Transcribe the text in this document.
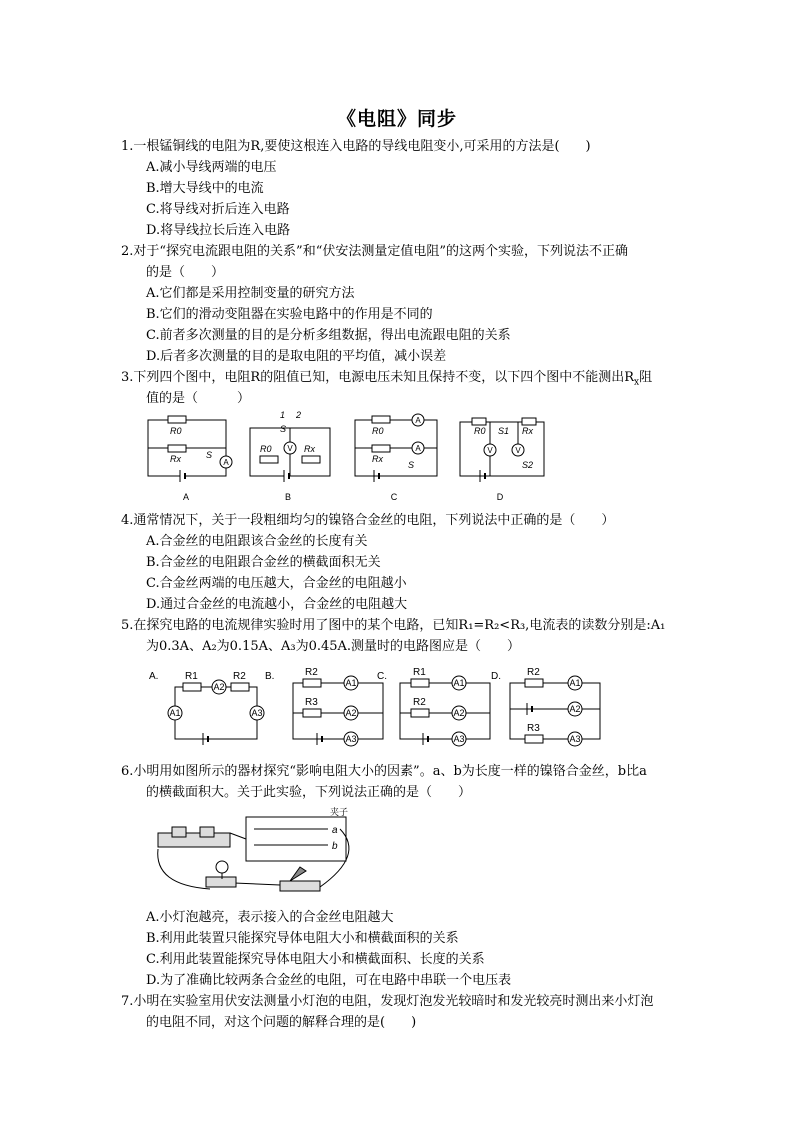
《电阻》同步
1.一根锰铜线的电阻为R,要使这根连入电路的导线电阻变小,可采用的方法是(　　)
A.减小导线两端的电压
B.增大导线中的电流
C.将导线对折后连入电路
D.将导线拉长后连入电路
2.对于“探究电流跟电阻的关系”和“伏安法测量定值电阻”的这两个实验，下列说法不正确
的是（　　）
A.它们都是采用控制变量的研究方法
B.它们的滑动变阻器在实验电路中的作用是不同的
C.前者多次测量的目的是分析多组数据，得出电流跟电阻的关系
D.后者多次测量的目的是取电阻的平均值，减小误差
3.下列四个图中，电阻R的阻值已知，电源电压未知且保持不变，以下四个图中不能测出$R_x$阻
值的是（　　　）
A
V
A
A	V	V
R0
Rx	S
1 2
S
R0	Rx
R0
Rx
S
R0 S1 Rx
S2
A	B	C	D
4.通常情况下，关于一段粗细均匀的镍铬合金丝的电阻，下列说法中正确的是（　　）
A.合金丝的电阻跟该合金丝的长度有关
B.合金丝的电阻跟合金丝的横截面积无关
C.合金丝两端的电压越大，合金丝的电阻越小
D.通过合金丝的电流越小，合金丝的电阻越大
5.在探究电路的电流规律实验时用了图中的某个电路，已知R₁=R₂<R₃,电流表的读数分别是:A₁
为0.3A、A₂为0.15A、A₃为0.45A.测量时的电路图应是（　　）
A2
A1	A3
A1
A2
A3
A1
A2
A3
A1
A2
A3
R1	R2	R2
R3
R1
R2
R2
R3
A.	B.	C.	D.
6.小明用如图所示的器材探究“影响电阻大小的因素”。a、b为长度一样的镍铬合金丝，b比a
的横截面积大。关于此实验，下列说法正确的是（　　）
a
b
夹子
A.小灯泡越亮，表示接入的合金丝电阻越大
B.利用此装置只能探究导体电阻大小和横截面积的关系
C.利用此装置能探究导体电阻大小和横截面积、长度的关系
D.为了准确比较两条合金丝的电阻，可在电路中串联一个电压表
7.小明在实验室用伏安法测量小灯泡的电阻，发现灯泡发光较暗时和发光较亮时测出来小灯泡
的电阻不同，对这个问题的解释合理的是(　　)
